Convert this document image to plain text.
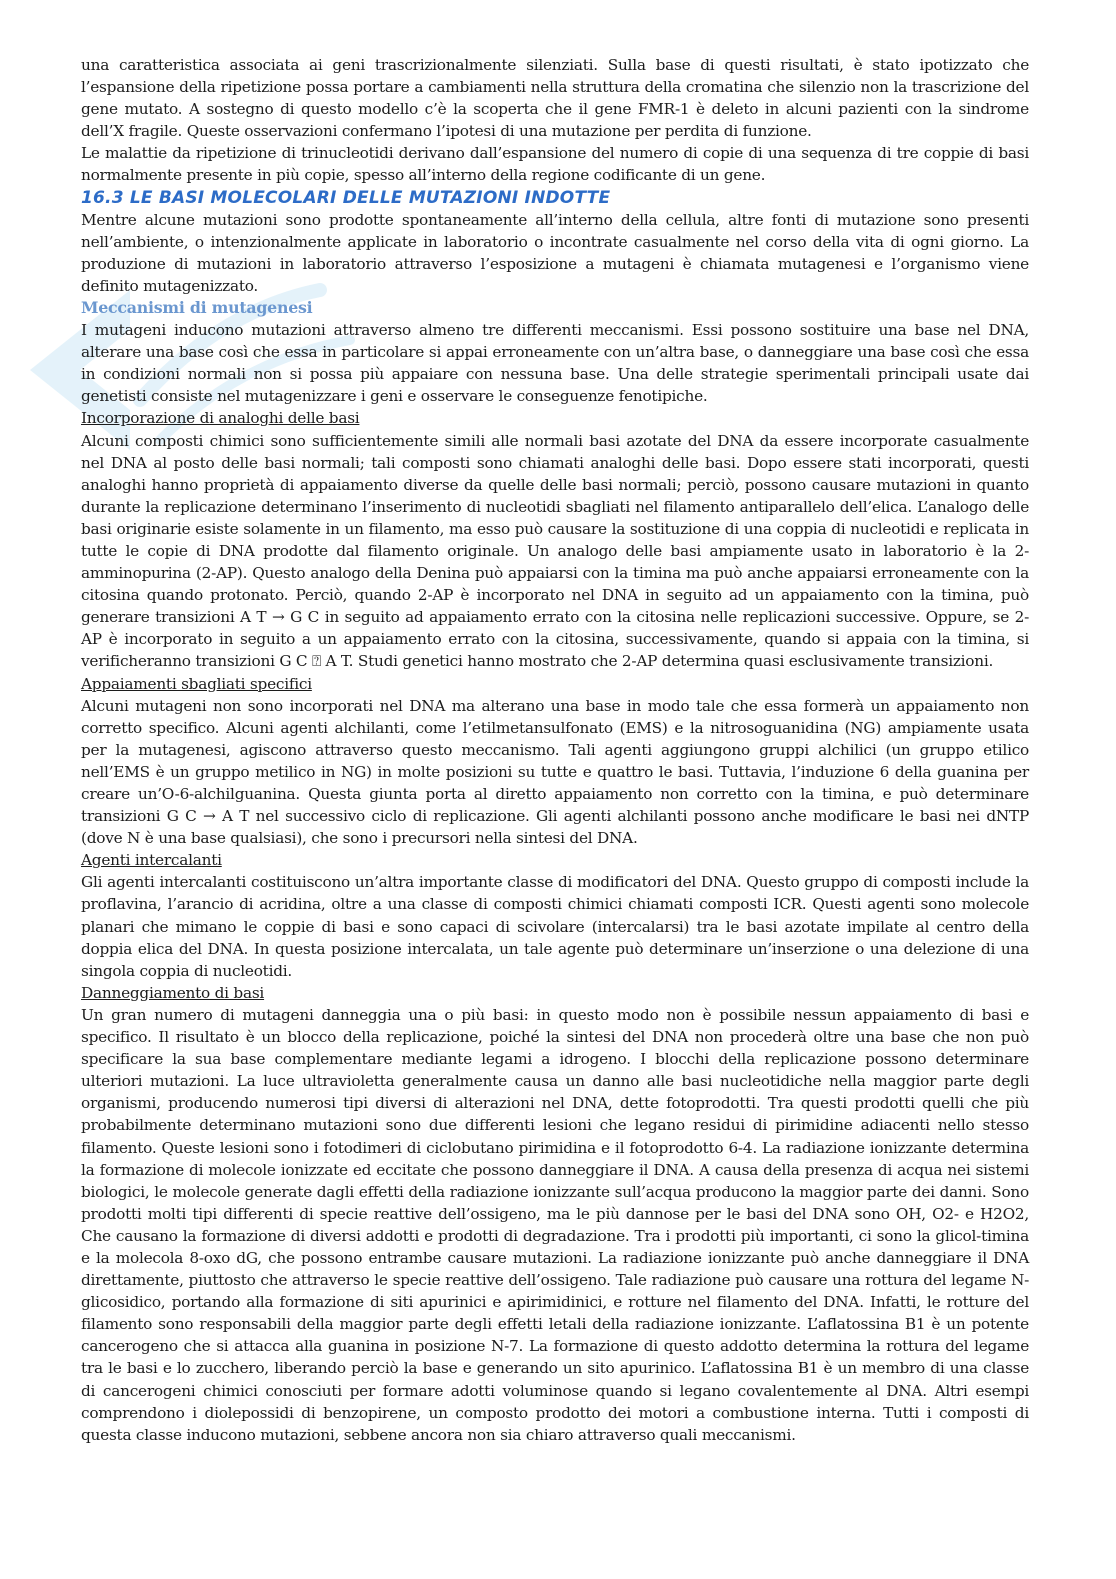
una caratteristica associata ai geni trascrizionalmente silenziati. Sulla base di questi risultati, è stato ipotizzato che l’espansione della ripetizione possa portare a cambiamenti nella struttura della cromatina che silenzio non la trascrizione del gene mutato. A sostegno di questo modello c’è la scoperta che il gene FMR-1 è deleto in alcuni pazienti con la sindrome dell’X fragile. Queste osservazioni confermano l’ipotesi di una mutazione per perdita di funzione.

Le malattie da ripetizione di trinucleotidi derivano dall’espansione del numero di copie di una sequenza di tre coppie di basi normalmente presente in più copie, spesso all’interno della regione codificante di un gene.

16.3 LE BASI MOLECOLARI DELLE MUTAZIONI INDOTTE

Mentre alcune mutazioni sono prodotte spontaneamente all’interno della cellula, altre fonti di mutazione sono presenti nell’ambiente, o intenzionalmente applicate in laboratorio o incontrate casualmente nel corso della vita di ogni giorno. La produzione di mutazioni in laboratorio attraverso l’esposizione a mutageni è chiamata mutagenesi e l’organismo viene definito mutagenizzato.

Meccanismi di mutagenesi

I mutageni inducono mutazioni attraverso almeno tre differenti meccanismi. Essi possono sostituire una base nel DNA, alterare una base così che essa in particolare si appai erroneamente con un’altra base, o danneggiare una base così che essa in condizioni normali non si possa più appaiare con nessuna base. Una delle strategie sperimentali principali usate dai genetisti consiste nel mutagenizzare i geni e osservare le conseguenze fenotipiche.

Incorporazione di analoghi delle basi

Alcuni composti chimici sono sufficientemente simili alle normali basi azotate del DNA da essere incorporate casualmente nel DNA al posto delle basi normali; tali composti sono chiamati analoghi delle basi. Dopo essere stati incorporati, questi analoghi hanno proprietà di appaiamento diverse da quelle delle basi normali; perciò, possono causare mutazioni in quanto durante la replicazione determinano l’inserimento di nucleotidi sbagliati nel filamento antiparallelo dell’elica. L’analogo delle basi originarie esiste solamente in un filamento, ma esso può causare la sostituzione di una coppia di nucleotidi e replicata in tutte le copie di DNA prodotte dal filamento originale. Un analogo delle basi ampiamente usato in laboratorio è la 2-amminopurina (2-AP). Questo analogo della Denina può appaiarsi con la timina ma può anche appaiarsi erroneamente con la citosina quando protonato. Perciò, quando 2-AP è incorporato nel DNA in seguito ad un appaiamento con la timina, può generare transizioni A T → G C in seguito ad appaiamento errato con la citosina nelle replicazioni successive. Oppure, se 2-AP è incorporato in seguito a un appaiamento errato con la citosina, successivamente, quando si appaia con la timina, si verificheranno transizioni G C ⍰ A T. Studi genetici hanno mostrato che 2-AP determina quasi esclusivamente transizioni.

Appaiamenti sbagliati specifici

Alcuni mutageni non sono incorporati nel DNA ma alterano una base in modo tale che essa formerà un appaiamento non corretto specifico. Alcuni agenti alchilanti, come l’etilmetansulfonato (EMS) e la nitrosoguanidina (NG) ampiamente usata per la mutagenesi, agiscono attraverso questo meccanismo. Tali agenti aggiungono gruppi alchilici (un gruppo etilico nell’EMS è un gruppo metilico in NG) in molte posizioni su tutte e quattro le basi. Tuttavia, l’induzione 6 della guanina per creare un’O-6-alchilguanina. Questa giunta porta al diretto appaiamento non corretto con la timina, e può determinare transizioni G C → A T nel successivo ciclo di replicazione. Gli agenti alchilanti possono anche modificare le basi nei dNTP (dove N è una base qualsiasi), che sono i precursori nella sintesi del DNA.

Agenti intercalanti

Gli agenti intercalanti costituiscono un’altra importante classe di modificatori del DNA. Questo gruppo di composti include la proflavina, l’arancio di acridina, oltre a una classe di composti chimici chiamati composti ICR. Questi agenti sono molecole planari che mimano le coppie di basi e sono capaci di scivolare (intercalarsi) tra le basi azotate impilate al centro della doppia elica del DNA. In questa posizione intercalata, un tale agente può determinare un’inserzione o una delezione di una singola coppia di nucleotidi.

Danneggiamento di basi

Un gran numero di mutageni danneggia una o più basi: in questo modo non è possibile nessun appaiamento di basi e specifico. Il risultato è un blocco della replicazione, poiché la sintesi del DNA non procederà oltre una base che non può specificare la sua base complementare mediante legami a idrogeno. I blocchi della replicazione possono determinare ulteriori mutazioni. La luce ultravioletta generalmente causa un danno alle basi nucleotidiche nella maggior parte degli organismi, producendo numerosi tipi diversi di alterazioni nel DNA, dette fotoprodotti. Tra questi prodotti quelli che più probabilmente determinano mutazioni sono due differenti lesioni che legano residui di pirimidine adiacenti nello stesso filamento. Queste lesioni sono i fotodimeri di ciclobutano pirimidina e il fotoprodotto 6-4. La radiazione ionizzante determina la formazione di molecole ionizzate ed eccitate che possono danneggiare il DNA. A causa della presenza di acqua nei sistemi biologici, le molecole generate dagli effetti della radiazione ionizzante sull’acqua producono la maggior parte dei danni. Sono prodotti molti tipi differenti di specie reattive dell’ossigeno, ma le più dannose per le basi del DNA sono OH, O2- e H2O2, Che causano la formazione di diversi addotti e prodotti di degradazione. Tra i prodotti più importanti, ci sono la glicol-timina e la molecola 8-oxo dG, che possono entrambe causare mutazioni. La radiazione ionizzante può anche danneggiare il DNA direttamente, piuttosto che attraverso le specie reattive dell’ossigeno. Tale radiazione può causare una rottura del legame N-glicosidico, portando alla formazione di siti apurinici e apirimidinici, e rotture nel filamento del DNA. Infatti, le rotture del filamento sono responsabili della maggior parte degli effetti letali della radiazione ionizzante. L’aflatossina B1 è un potente cancerogeno che si attacca alla guanina in posizione N-7. La formazione di questo addotto determina la rottura del legame tra le basi e lo zucchero, liberando perciò la base e generando un sito apurinico. L’aflatossina B1 è un membro di una classe di cancerogeni chimici conosciuti per formare adotti voluminose quando si legano covalentemente al DNA. Altri esempi comprendono i diolepossidi di benzopirene, un composto prodotto dei motori a combustione interna. Tutti i composti di questa classe inducono mutazioni, sebbene ancora non sia chiaro attraverso quali meccanismi.
